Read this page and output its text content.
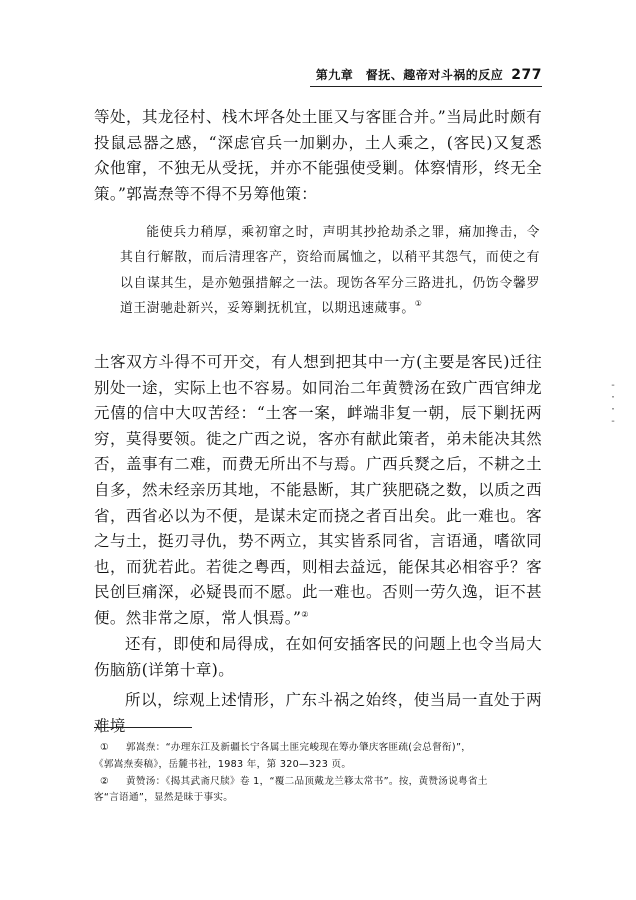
第九章　督抚、趣帝对斗祸的反应 277
等处，其龙径村、栈木坪各处土匪又与客匪合并。”当局此时颇有投鼠忌器之感，“深虑官兵一加剿办，土人乘之，(客民)又复悉众他窜，不独无从受抚，并亦不能强使受剿。体察情形，终无全策。”郭嵩焘等不得不另筹他策：
能使兵力稍厚，乘初窜之时，声明其抄抢劫杀之罪，痛加搀击，令其自行解散，而后清理客产，资给而属恤之，以稍平其怨气，而使之有以自谋其生，是亦勉强措解之一法。现饬各军分三路进扎，仍饬令馨罗道王澍驰赴新兴，妥筹剿抚机宜，以期迅速蒇事。①
土客双方斗得不可开交，有人想到把其中一方(主要是客民)迁往别处一途，实际上也不容易。如同治二年黄赞汤在致广西官绅龙元僖的信中大叹苦经：“土客一案，衅端非复一朝，辰下剿抚两穷，莫得要领。徙之广西之说，客亦有献此策者，弟未能决其然否，盖事有二难，而费无所出不与焉。广西兵燹之后，不耕之土自多，然未经亲历其地，不能悬断，其广狭肥硗之数，以质之西省，西省必以为不便，是谋未定而挠之者百出矣。此一难也。客之与土，挺刃寻仇，势不两立，其实皆系同省，言语通，嗜欲同也，而犹若此。若徙之粤西，则相去益远，能保其必相容乎？客民创巨痛深，必疑畏而不愿。此一难也。否则一劳久逸，讵不甚便。然非常之原，常人惧焉。”②
还有，即使和局得成，在如何安插客民的问题上也令当局大伤脑筋(详第十章)。
所以，综观上述情形，广东斗祸之始终，使当局一直处于两难境
① 郭嵩焘：“办理东江及新疆长宁各属土匪完峻现在筹办肇庆客匪疏(会总督衔)”，
《郭嵩焘奏稿》，岳麓书社，1983 年，第 320—323 页。
② 黄赞汤：《揭其武斋尺牍》卷 1，“覆二品顶戴龙兰簃太常书”。按，黄赞汤说粤省土
客“言语通”，显然是昧于事实。
- · · -
